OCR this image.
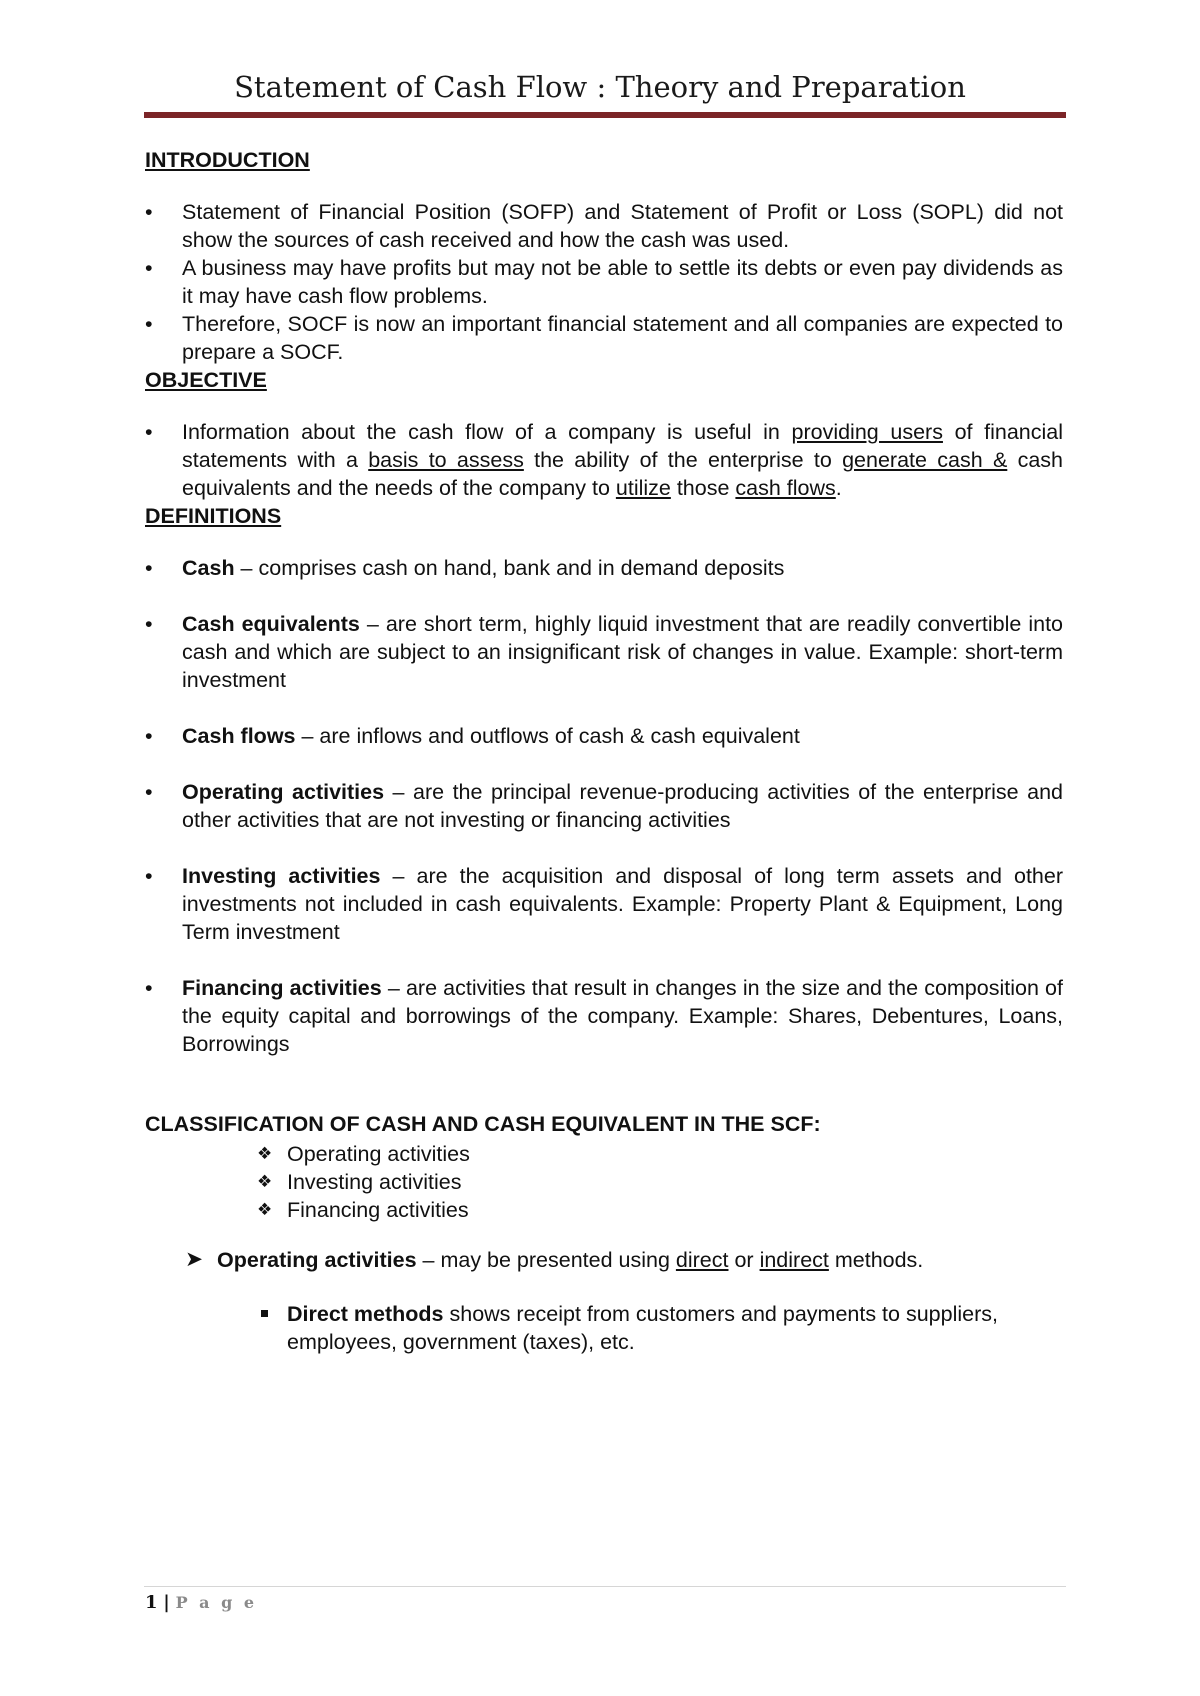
Statement of Cash Flow : Theory and Preparation
INTRODUCTION
• Statement of Financial Position (SOFP) and Statement of Profit or Loss (SOPL) did not show the sources of cash received and how the cash was used.
• A business may have profits but may not be able to settle its debts or even pay dividends as it may have cash flow problems.
• Therefore, SOCF is now an important financial statement and all companies are expected to prepare a SOCF.
OBJECTIVE
• Information about the cash flow of a company is useful in providing users of financial statements with a basis to assess the ability of the enterprise to generate cash & cash equivalents and the needs of the company to utilize those cash flows.
DEFINITIONS
• Cash – comprises cash on hand, bank and in demand deposits
• Cash equivalents – are short term, highly liquid investment that are readily convertible into cash and which are subject to an insignificant risk of changes in value. Example: short-term investment
• Cash flows – are inflows and outflows of cash & cash equivalent
• Operating activities – are the principal revenue-producing activities of the enterprise and other activities that are not investing or financing activities
• Investing activities – are the acquisition and disposal of long term assets and other investments not included in cash equivalents. Example: Property Plant & Equipment, Long Term investment
• Financing activities – are activities that result in changes in the size and the composition of the equity capital and borrowings of the company. Example: Shares, Debentures, Loans, Borrowings
CLASSIFICATION OF CASH AND CASH EQUIVALENT IN THE SCF:
❖ Operating activities
❖ Investing activities
❖ Financing activities
➤ Operating activities – may be presented using direct or indirect methods.
Direct methods shows receipt from customers and payments to suppliers, employees, government (taxes), etc.
1 | P a g e
